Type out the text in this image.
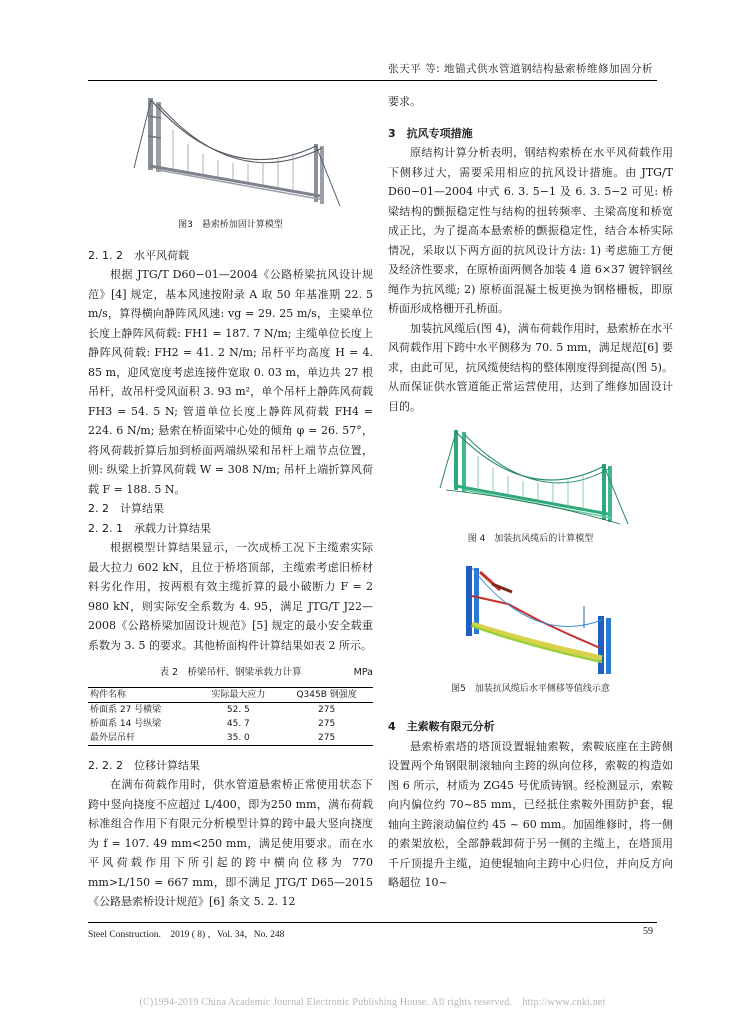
张天平 等: 地锚式供水管道钢结构悬索桥维修加固分析
图3　悬索桥加固计算模型

2. 1. 2　水平风荷载

根据 JTG/T D60−01—2004《公路桥梁抗风设计规范》[4] 规定，基本风速按附录 A 取 50 年基准期 22. 5 m/s，算得横向静阵风风速: vg = 29. 25 m/s，主梁单位长度上静阵风荷载: FH1 = 187. 7 N/m; 主缆单位长度上静阵风荷载: FH2 = 41. 2 N/m; 吊杆平均高度 H = 4. 85 m，迎风宽度考虑连接件宽取 0. 03 m，单边共 27 根吊杆，故吊杆受风面积 3. 93 m²，单个吊杆上静阵风荷载 FH3 = 54. 5 N; 管道单位长度上静阵风荷载 FH4 = 224. 6 N/m; 悬索在桥面梁中心处的倾角 φ = 26. 57°，将风荷载折算后加到桥面两端纵梁和吊杆上端节点位置，则: 纵梁上折算风荷载 W = 308 N/m; 吊杆上端折算风荷载 F = 188. 5 N。

2. 2　计算结果

2. 2. 1　承载力计算结果

根据模型计算结果显示，一次成桥工况下主缆索实际最大拉力 602 kN，且位于桥塔顶部，主缆索考虑旧桥材料劣化作用，按两根有效主缆折算的最小破断力 F = 2 980 kN，则实际安全系数为 4. 95，满足 JTG/T J22—2008《公路桥梁加固设计规范》[5] 规定的最小安全载重系数为 3. 5 的要求。其他桥面构件计算结果如表 2 所示。

表 2　桥梁吊杆、钢梁承载力计算	MPa
构件名称	实际最大应力	Q345B 钢强度
桥面系 27 号横梁	52. 5	275
桥面系 14 号纵梁	45. 7	275
最外层吊杆	35. 0	275

2. 2. 2　位移计算结果

在满布荷载作用时，供水管道悬索桥正常使用状态下跨中竖向挠度不应超过 L/400，即为250 mm，满布荷载标准组合作用下有限元分析模型计算的跨中最大竖向挠度为 f = 107. 49 mm<250 mm，满足使用要求。而在水平风荷载作用下所引起的跨中横向位移为 770 mm>L/150 = 667 mm，即不满足 JTG/T D65—2015《公路悬索桥设计规范》[6] 条文 5. 2. 12

要求。

3　抗风专项措施

原结构计算分析表明，钢结构索桥在水平风荷载作用下侧移过大，需要采用相应的抗风设计措施。由 JTG/T D60−01—2004 中式 6. 3. 5−1 及 6. 3. 5−2 可见: 桥梁结构的颤振稳定性与结构的扭转频率、主梁高度和桥宽成正比，为了提高本悬索桥的颤振稳定性，结合本桥实际情况，采取以下两方面的抗风设计方法: 1) 考虑施工方便及经济性要求，在原桥面两侧各加装 4 道 6×37 镀锌钢丝绳作为抗风缆; 2) 原桥面混凝土板更换为钢格栅板，即原桥面形成格栅开孔桥面。

加装抗风缆后(图 4)，满布荷载作用时，悬索桥在水平风荷载作用下跨中水平侧移为 70. 5 mm，满足规范[6] 要求，由此可见，抗风缆使结构的整体刚度得到提高(图 5)。从而保证供水管道能正常运营使用，达到了维修加固设计目的。

图 4　加装抗风缆后的计算模型
图5　加装抗风缆后水平侧移等值线示意

4　主索鞍有限元分析

悬索桥索塔的塔顶设置辊轴索鞍，索鞍底座在主跨侧设置两个角钢限制滚轴向主跨的纵向位移，索鞍的构造如图 6 所示，材质为 ZG45 号优质铸钢。经检测显示，索鞍向内偏位约 70~85 mm，已经抵住索鞍外围防护套，辊轴向主跨滚动偏位约 45 ~ 60 mm。加固维修时，将一侧的索架放松，全部静载卸荷于另一侧的主缆上，在塔顶用千斤顶提升主缆，迫使辊轴向主跨中心归位，并向反方向略超位 10~

Steel Construction.　2019 ( 8) ，Vol. 34，No. 248	59
(C)1994-2019 China Academic Journal Electronic Publishing House. All rights reserved.　http://www.cnki.net
